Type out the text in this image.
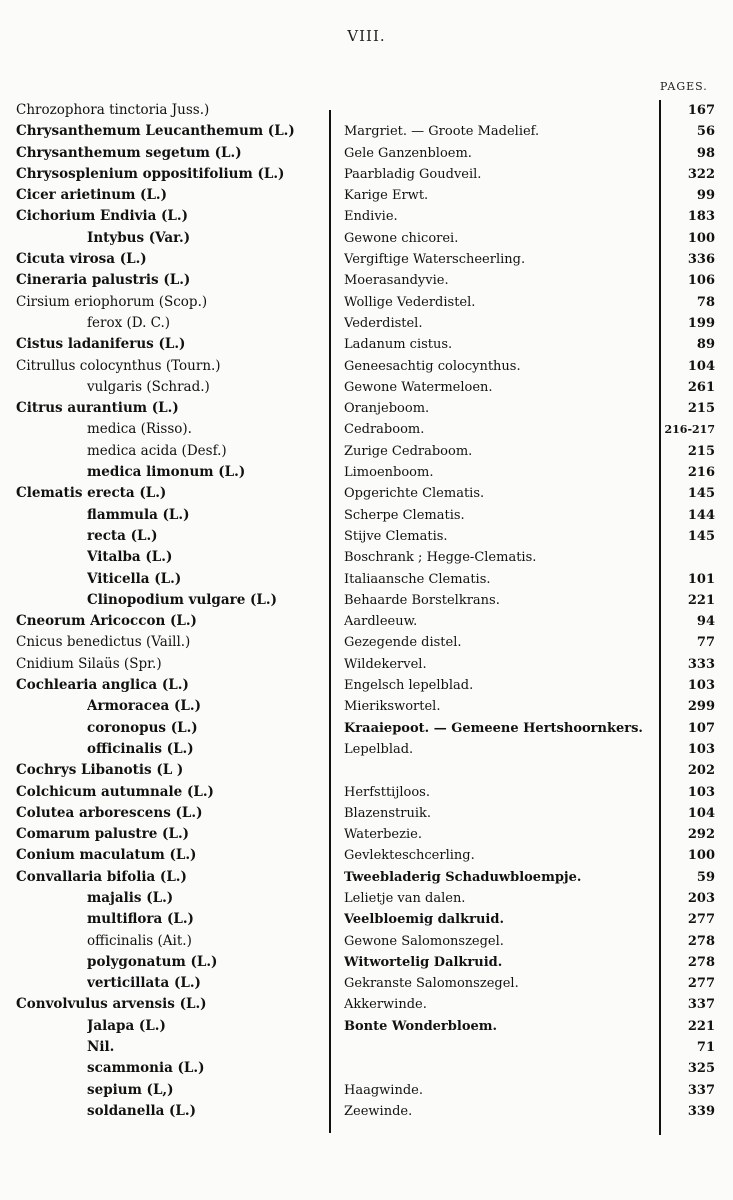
VIII.
PAGES.
Chrozophora tinctoria Juss.)	167
Chrysanthemum Leucanthemum (L.)	Margriet. — Groote Madelief.	56
Chrysanthemum segetum (L.)	Gele Ganzenbloem.	98
Chrysosplenium oppositifolium (L.)	Paarbladig Goudveil.	322
Cicer arietinum (L.)	Karige Erwt.	99
Cichorium Endivia (L.)	Endivie.	183
Intybus (Var.)	Gewone chicorei.	100
Cicuta virosa (L.)	Vergiftige Waterscheerling.	336
Cineraria palustris (L.)	Moerasandyvie.	106
Cirsium eriophorum (Scop.)	Wollige Vederdistel.	78
ferox (D. C.)	Vederdistel.	199
Cistus ladaniferus (L.)	Ladanum cistus.	89
Citrullus colocynthus (Tourn.)	Geneesachtig colocynthus.	104
vulgaris (Schrad.)	Gewone Watermeloen.	261
Citrus aurantium (L.)	Oranjeboom.	215
medica (Risso).	Cedraboom.	216-217
medica acida (Desf.)	Zurige Cedraboom.	215
medica limonum (L.)	Limoenboom.	216
Clematis erecta (L.)	Opgerichte Clematis.	145
flammula (L.)	Scherpe Clematis.	144
recta (L.)	Stijve Clematis.	145
Vitalba (L.)	Boschrank ; Hegge-Clematis.
Viticella (L.)	Italiaansche Clematis.	101
Clinopodium vulgare (L.)	Behaarde Borstelkrans.	221
Cneorum Aricoccon (L.)	Aardleeuw.	94
Cnicus benedictus (Vaill.)	Gezegende distel.	77
Cnidium Silaüs (Spr.)	Wildekervel.	333
Cochlearia anglica (L.)	Engelsch lepelblad.	103
Armoracea (L.)	Mierikswortel.	299
coronopus (L.)	Kraaiepoot. — Gemeene Hertshoornkers.	107
officinalis (L.)	Lepelblad.	103
Cochrys Libanotis (L )	202
Colchicum autumnale (L.)	Herfsttijloos.	103
Colutea arborescens (L.)	Blazenstruik.	104
Comarum palustre (L.)	Waterbezie.	292
Conium maculatum (L.)	Gevlekteschcerling.	100
Convallaria bifolia (L.)	Tweebladerig Schaduwbloempje.	59
majalis (L.)	Lelietje van dalen.	203
multiflora (L.)	Veelbloemig dalkruid.	277
officinalis (Ait.)	Gewone Salomonszegel.	278
polygonatum (L.)	Witwortelig Dalkruid.	278
verticillata (L.)	Gekranste Salomonszegel.	277
Convolvulus arvensis (L.)	Akkerwinde.	337
Jalapa (L.)	Bonte Wonderbloem.	221
Nil.	71
scammonia (L.)	325
sepium (L,)	Haagwinde.	337
soldanella (L.)	Zeewinde.	339
